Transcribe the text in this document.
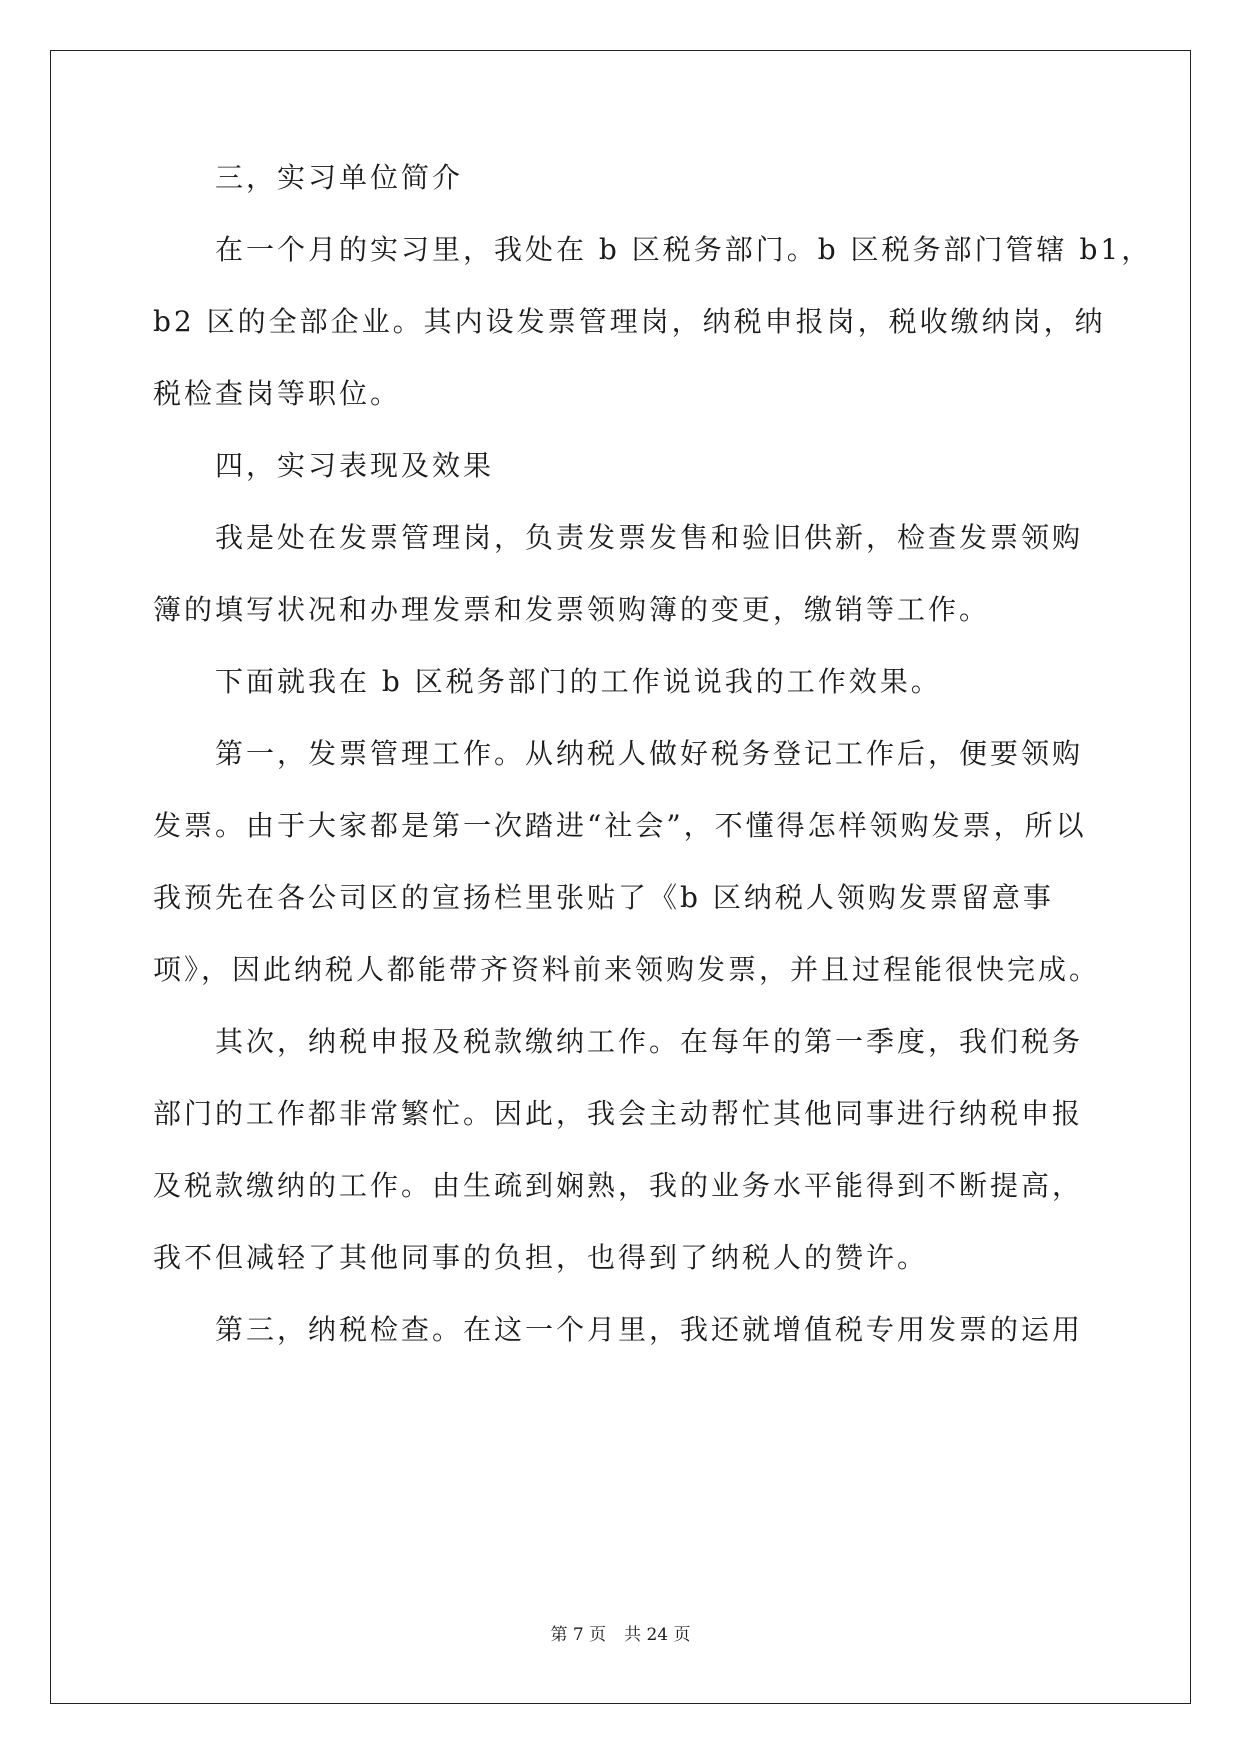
三，实习单位简介
在一个月的实习里，我处在 b 区税务部门。b 区税务部门管辖 b1，
b2 区的全部企业。其内设发票管理岗，纳税申报岗，税收缴纳岗，纳
税检查岗等职位。
四，实习表现及效果
我是处在发票管理岗，负责发票发售和验旧供新，检查发票领购
簿的填写状况和办理发票和发票领购簿的变更，缴销等工作。
下面就我在 b 区税务部门的工作说说我的工作效果。
第一，发票管理工作。从纳税人做好税务登记工作后，便要领购
发票。由于大家都是第一次踏进“社会”，不懂得怎样领购发票，所以
我预先在各公司区的宣扬栏里张贴了《b 区纳税人领购发票留意事
项》，因此纳税人都能带齐资料前来领购发票，并且过程能很快完成。
其次，纳税申报及税款缴纳工作。在每年的第一季度，我们税务
部门的工作都非常繁忙。因此，我会主动帮忙其他同事进行纳税申报
及税款缴纳的工作。由生疏到娴熟，我的业务水平能得到不断提高，
我不但减轻了其他同事的负担，也得到了纳税人的赞许。
第三，纳税检查。在这一个月里，我还就增值税专用发票的运用
第 7 页 共 24 页
